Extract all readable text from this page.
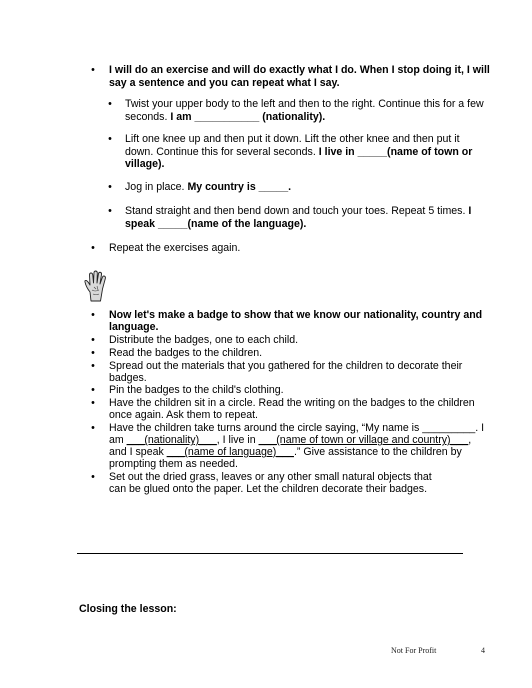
• I will do an exercise and will do exactly what I do. When I stop doing it, I will
say a sentence and you can repeat what I say.
• Twist your upper body to the left and then to the right. Continue this for a few
seconds. I am ___________ (nationality).
• Lift one knee up and then put it down. Lift the other knee and then put it
down. Continue this for several seconds. I live in _____(name of town or
village).
• Jog in place. My country is _____.
• Stand straight and then bend down and touch your toes. Repeat 5 times. I
speak _____(name of the language).
• Repeat the exercises again.
• Now let's make a badge to show that we know our nationality, country and
language.
• Distribute the badges, one to each child.
• Read the badges to the children.
• Spread out the materials that you gathered for the children to decorate their
badges.
• Pin the badges to the child's clothing.
• Have the children sit in a circle. Read the writing on the badges to the children
once again. Ask them to repeat.
• Have the children take turns around the circle saying, “My name is _________. I
am ___(nationality)___, I live in ___(name of town or village and country)___,
and I speak ___(name of language)___.” Give assistance to the children by
prompting them as needed.
• Set out the dried grass, leaves or any other small natural objects that
can be glued onto the paper. Let the children decorate their badges.
Closing the lesson:
Not For Profit	4
